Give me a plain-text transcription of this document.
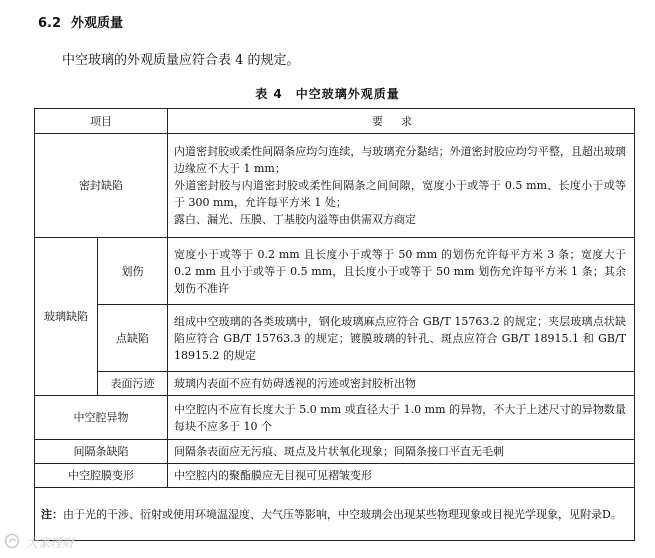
6.2 外观质量
中空玻璃的外观质量应符合表 4 的规定。
表 4　中空玻璃外观质量
项目		要求
密封缺陷		内道密封胶或柔性间隔条应均匀连续，与玻璃充分黏结；外道密封胶应均匀平整，且超出玻璃边缘应不大于 1 mm；
外道密封胶与内道密封胶或柔性间隔条之间间隙，宽度小于或等于 0.5 mm、长度小于或等于 300 mm，允许每平方米 1 处；
露白、漏光、压膜、丁基胶内溢等由供需双方商定

玻璃缺陷	划伤	宽度小于或等于 0.2 mm 且长度小于或等于 50 mm 的划伤允许每平方米 3 条；宽度大于 0.2 mm 且小于或等于 0.5 mm，且长度小于或等于 50 mm 划伤允许每平方米 1 条；其余划伤不准许
	点缺陷	组成中空玻璃的各类玻璃中，钢化玻璃麻点应符合 GB/T 15763.2 的规定；夹层玻璃点状缺陷应符合 GB/T 15763.3 的规定；镀膜玻璃的针孔、斑点应符合 GB/T 18915.1 和 GB/T 18915.2 的规定
	表面污迹	玻璃内表面不应有妨碍透视的污迹或密封胶析出物
中空腔异物		中空腔内不应有长度大于 5.0 mm 或直径大于 1.0 mm 的异物，不大于上述尺寸的异物数量每块不应多于 10 个
间隔条缺陷		间隔条表面应无污痕、斑点及片状氧化现象；间隔条接口平直无毛刺
中空腔膜变形		中空腔内的聚酯膜应无目视可见褶皱变形
注：由于光的干涉、衍射或使用环境温湿度、大气压等影响，中空玻璃会出现某些物理现象或目视光学现象，见附录D。		
大家理财
